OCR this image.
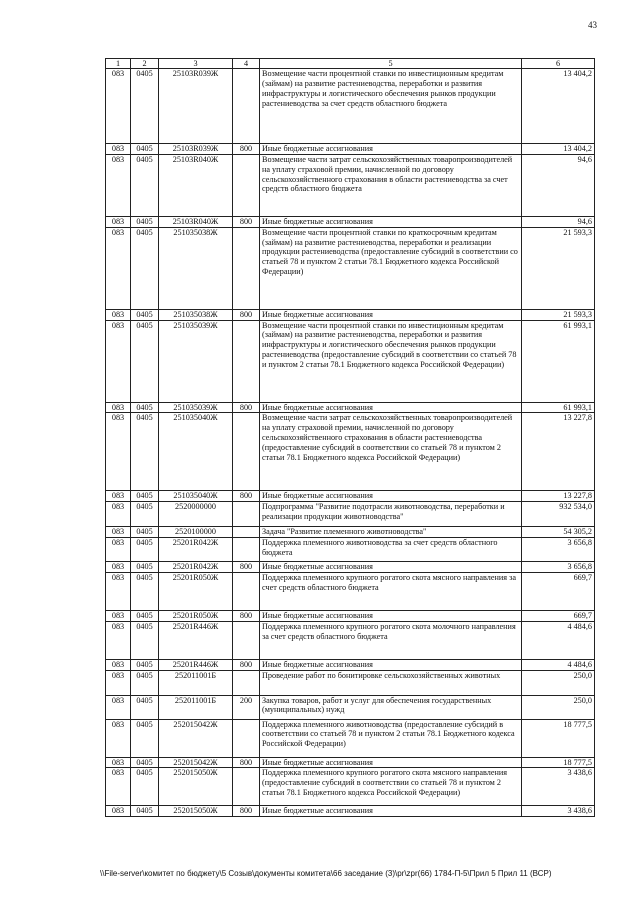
43
1	2	3	4	5	6
083	0405	25103R039Ж		Возмещение части процентной ставки по инвестиционным кредитам (займам) на развитие растениеводства, переработки и развития инфраструктуры и логистического обеспечения рынков продукции растениеводства за счет средств областного бюджета	13 404,2
083	0405	25103R039Ж	800	Иные бюджетные ассигнования	13 404,2
083	0405	25103R040Ж		Возмещение части затрат сельскохозяйственных товаропроизводителей на уплату страховой премии, начисленной по договору сельскохозяйственного страхования в области растениеводства за счет средств областного бюджета	94,6
083	0405	25103R040Ж	800	Иные бюджетные ассигнования	94,6
083	0405	251035038Ж		Возмещение части процентной ставки по краткосрочным кредитам (займам) на развитие растениеводства, переработки и реализации продукции растениеводства (предоставление субсидий в соответствии со статьей 78 и пунктом 2 статьи 78.1 Бюджетного кодекса Российской Федерации)	21 593,3
083	0405	251035038Ж	800	Иные бюджетные ассигнования	21 593,3
083	0405	251035039Ж		Возмещение части процентной ставки по инвестиционным кредитам (займам) на развитие растениеводства, переработки и развития инфраструктуры и логистического обеспечения рынков продукции растениеводства (предоставление субсидий в соответствии со статьей 78 и пунктом 2 статьи 78.1 Бюджетного кодекса Российской Федерации)	61 993,1
083	0405	251035039Ж	800	Иные бюджетные ассигнования	61 993,1
083	0405	251035040Ж		Возмещение части затрат сельскохозяйственных товаропроизводителей на уплату страховой премии, начисленной по договору сельскохозяйственного страхования в области растениеводства (предоставление субсидий в соответствии со статьей 78 и пунктом 2 статьи 78.1 Бюджетного кодекса Российской Федерации)	13 227,8
083	0405	251035040Ж	800	Иные бюджетные ассигнования	13 227,8
083	0405	2520000000		Подпрограмма "Развитие подотрасли животноводства, переработки и реализации продукции животноводства"	932 534,0
083	0405	2520100000		Задача "Развитие племенного животноводства"	54 305,2
083	0405	25201R042Ж		Поддержка племенного животноводства за счет средств областного бюджета	3 656,8
083	0405	25201R042Ж	800	Иные бюджетные ассигнования	3 656,8
083	0405	25201R050Ж		Поддержка племенного крупного рогатого скота мясного направления за счет средств областного бюджета	669,7
083	0405	25201R050Ж	800	Иные бюджетные ассигнования	669,7
083	0405	25201R446Ж		Поддержка племенного крупного рогатого скота молочного направления за счет средств областного бюджета	4 484,6
083	0405	25201R446Ж	800	Иные бюджетные ассигнования	4 484,6
083	0405	252011001Б		Проведение работ по бонитировке сельскохозяйственных животных	250,0
083	0405	252011001Б	200	Закупка товаров, работ и услуг для обеспечения государственных (муниципальных) нужд	250,0
083	0405	252015042Ж		Поддержка племенного животноводства (предоставление субсидий в соответствии со статьей 78 и пунктом 2 статьи 78.1 Бюджетного кодекса Российской Федерации)	18 777,5
083	0405	252015042Ж	800	Иные бюджетные ассигнования	18 777,5
083	0405	252015050Ж		Поддержка племенного крупного рогатого скота мясного направления (предоставление субсидий в соответствии со статьей 78 и пунктом 2 статьи 78.1 Бюджетного кодекса Российской Федерации)	3 438,6
083	0405	252015050Ж	800	Иные бюджетные ассигнования	3 438,6
\\File-server\комитет по бюджету\5 Созыв\документы комитета\66 заседание (3)\pr\zpr(66) 1784-П-5\Прил 5 Прил 11 (ВСР)
